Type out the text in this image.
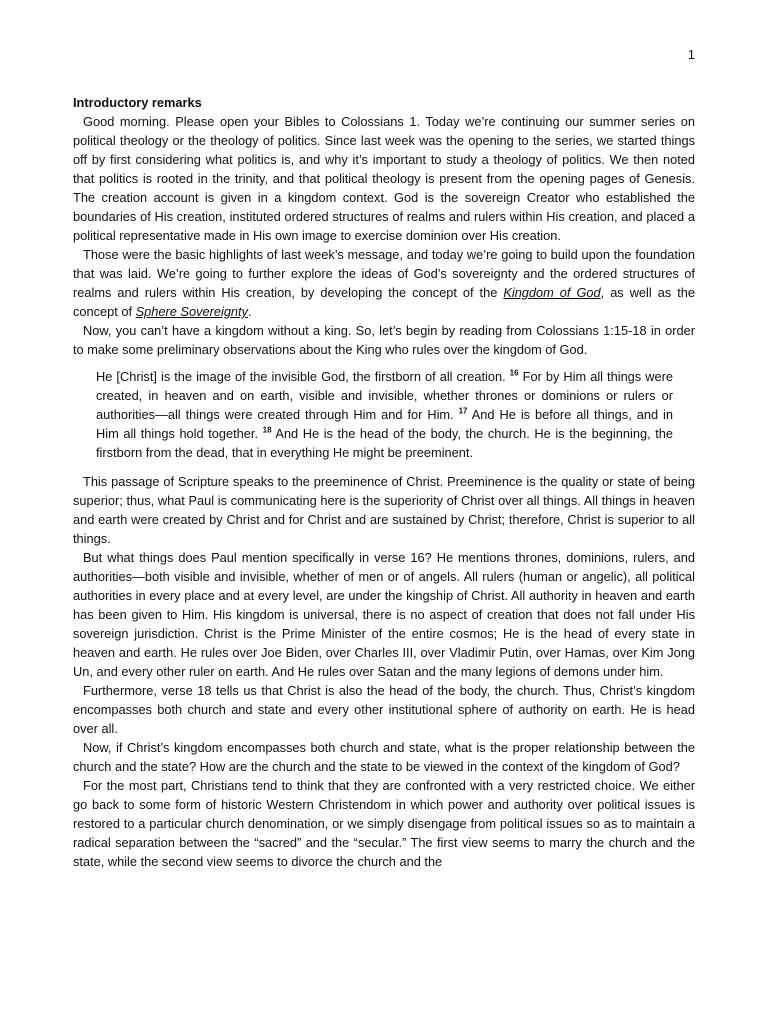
1

Introductory remarks

Good morning. Please open your Bibles to Colossians 1. Today we’re continuing our summer series on political theology or the theology of politics. Since last week was the opening to the series, we started things off by first considering what politics is, and why it’s important to study a theology of politics. We then noted that politics is rooted in the trinity, and that political theology is present from the opening pages of Genesis. The creation account is given in a kingdom context. God is the sovereign Creator who established the boundaries of His creation, instituted ordered structures of realms and rulers within His creation, and placed a political representative made in His own image to exercise dominion over His creation.

Those were the basic highlights of last week’s message, and today we’re going to build upon the foundation that was laid. We’re going to further explore the ideas of God’s sovereignty and the ordered structures of realms and rulers within His creation, by developing the concept of the Kingdom of God, as well as the concept of Sphere Sovereignty.

Now, you can’t have a kingdom without a king. So, let’s begin by reading from Colossians 1:15-18 in order to make some preliminary observations about the King who rules over the kingdom of God.

He [Christ] is the image of the invisible God, the firstborn of all creation. $^{16}$ For by Him all things were created, in heaven and on earth, visible and invisible, whether thrones or dominions or rulers or authorities—all things were created through Him and for Him. $^{17}$ And He is before all things, and in Him all things hold together. $^{18}$ And He is the head of the body, the church. He is the beginning, the firstborn from the dead, that in everything He might be preeminent.

This passage of Scripture speaks to the preeminence of Christ. Preeminence is the quality or state of being superior; thus, what Paul is communicating here is the superiority of Christ over all things. All things in heaven and earth were created by Christ and for Christ and are sustained by Christ; therefore, Christ is superior to all things.

But what things does Paul mention specifically in verse 16? He mentions thrones, dominions, rulers, and authorities—both visible and invisible, whether of men or of angels. All rulers (human or angelic), all political authorities in every place and at every level, are under the kingship of Christ. All authority in heaven and earth has been given to Him. His kingdom is universal, there is no aspect of creation that does not fall under His sovereign jurisdiction. Christ is the Prime Minister of the entire cosmos; He is the head of every state in heaven and earth. He rules over Joe Biden, over Charles III, over Vladimir Putin, over Hamas, over Kim Jong Un, and every other ruler on earth. And He rules over Satan and the many legions of demons under him.

Furthermore, verse 18 tells us that Christ is also the head of the body, the church. Thus, Christ’s kingdom encompasses both church and state and every other institutional sphere of authority on earth. He is head over all.

Now, if Christ’s kingdom encompasses both church and state, what is the proper relationship between the church and the state? How are the church and the state to be viewed in the context of the kingdom of God?

For the most part, Christians tend to think that they are confronted with a very restricted choice. We either go back to some form of historic Western Christendom in which power and authority over political issues is restored to a particular church denomination, or we simply disengage from political issues so as to maintain a radical separation between the “sacred” and the “secular.” The first view seems to marry the church and the state, while the second view seems to divorce the church and the
